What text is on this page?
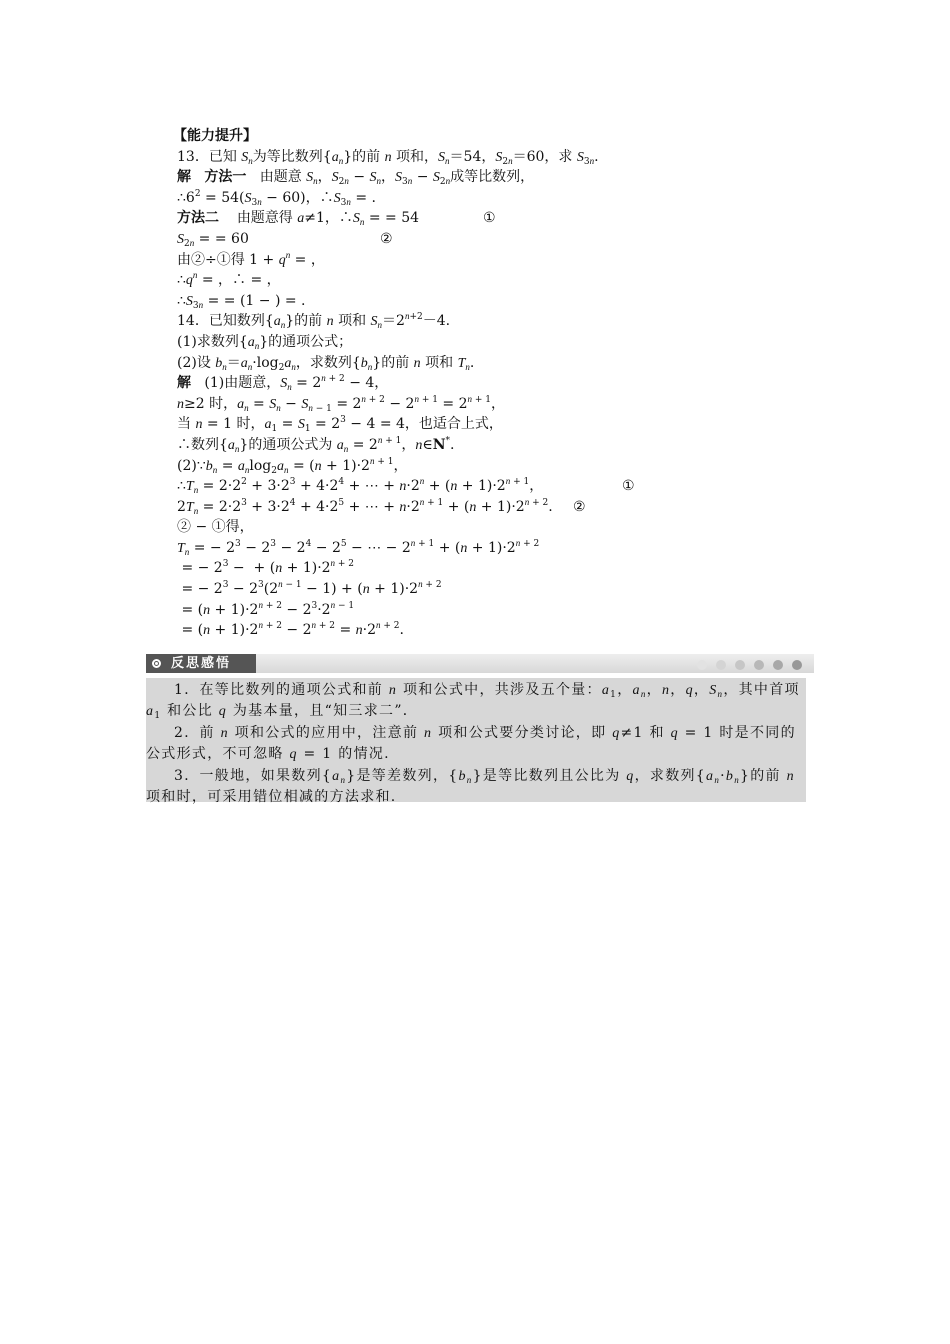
【能力提升】
13．已知 $S_n$为等比数列$\{a_n\}$的前 n 项和，$S_n=54$，$S_{2n}=60$，求 $S_{3n}$.
解 方法一 由题意 $S_n$，$S_{2n} - S_n$，$S_{3n} - S_{2n}$成等比数列，
$\therefore 6^2 = 54(S_{3n} - 60)$，$\therefore S_{3n}$ = .
方法二 由题意得 a≠1，$\therefore S_n$ = = 54	①
$S_{2n}$ = = 60	②
由②÷①得 $1 + q^n$ = ，
$\therefore q^n$ = ，∴ = ，
$\therefore S_{3n}$ = = (1 − ) = .
14．已知数列$\{a_n\}$的前 n 项和 $S_n=2^{n+2}-4$.
(1)求数列$\{a_n\}$的通项公式；
(2)设 $b_n=a_n\cdot\log_2a_n$，求数列$\{b_n\}$的前 n 项和 $T_n$.
解 (1)由题意，$S_n = 2^{n + 2} - 4$，
n≥2 时，$a_n = S_n - S_{n - 1} = 2^{n + 2} - 2^{n + 1} = 2^{n + 1}$，
当 n = 1 时，$a_1 = S_1 = 2^3 - 4 = 4$，也适合上式，
∴数列$\{a_n\}$的通项公式为 $a_n = 2^{n + 1}$，n∈N*.
$(2)\because b_n = a_n\log_2a_n = (n + 1)\cdot 2^{n + 1}$，
$\therefore T_n = 2\cdot 2^2 + 3\cdot 2^3 + 4\cdot 2^4$ + ⋯ + $n\cdot 2^n + (n + 1)\cdot 2^{n + 1}$，	①
$2T_n = 2\cdot 2^3 + 3\cdot 2^4 + 4\cdot 2^5$ + ⋯ + $n\cdot 2^{n + 1} + (n + 1)\cdot 2^{n + 2}$. ②
② − ①得，
$T_n$ = − $2^3 - 2^3 - 2^4 - 2^5$ − ⋯ − $2^{n + 1} + (n + 1)\cdot 2^{n + 2}$
= − $2^3$ −  + $(n + 1)\cdot 2^{n + 2}$
= − $2^3 - 2^3(2^{n - 1} - 1) + (n + 1)\cdot 2^{n + 2}$
= $(n + 1)\cdot 2^{n + 2} - 2^3\cdot 2^{n - 1}$
= $(n + 1)\cdot 2^{n + 2} - 2^{n + 2} = n\cdot 2^{n + 2}$.
反思感悟

1．在等比数列的通项公式和前 n 项和公式中，共涉及五个量：$a_1$，$a_n$，n，q，$S_n$，其中首项 $a_1$ 和公比 q 为基本量，且“知三求二”．

2．前 n 项和公式的应用中，注意前 n 项和公式要分类讨论，即 q≠1 和 q = 1 时是不同的公式形式，不可忽略 q = 1 的情况.

3．一般地，如果数列$\{a_n\}$是等差数列，$\{b_n\}$是等比数列且公比为 q，求数列$\{a_n\cdot b_n\}$的前 n 项和时，可采用错位相减的方法求和.
